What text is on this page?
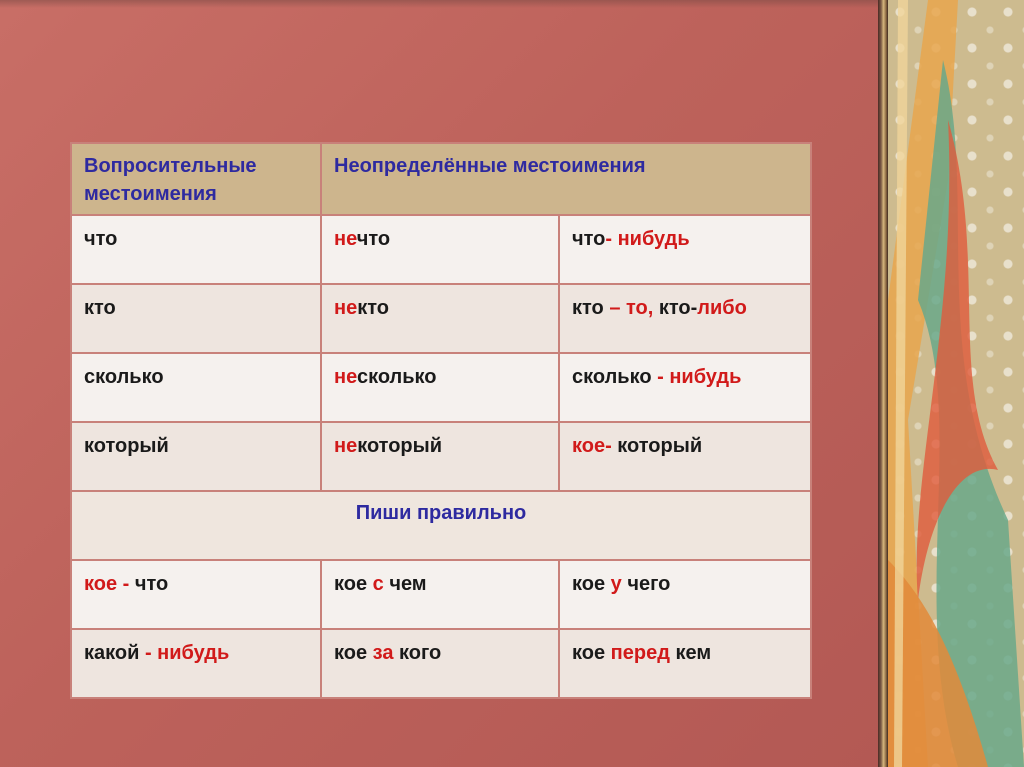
Вопросительные местоимения	Неопределённые местоимения	
что	нечто	что- нибудь
кто	некто	кто – то, кто-либо
сколько	несколько	сколько - нибудь
который	некоторый	кое- который
Пиши правильно		
кое - что	кое с чем	кое у чего
какой - нибудь	кое за кого	кое перед кем
